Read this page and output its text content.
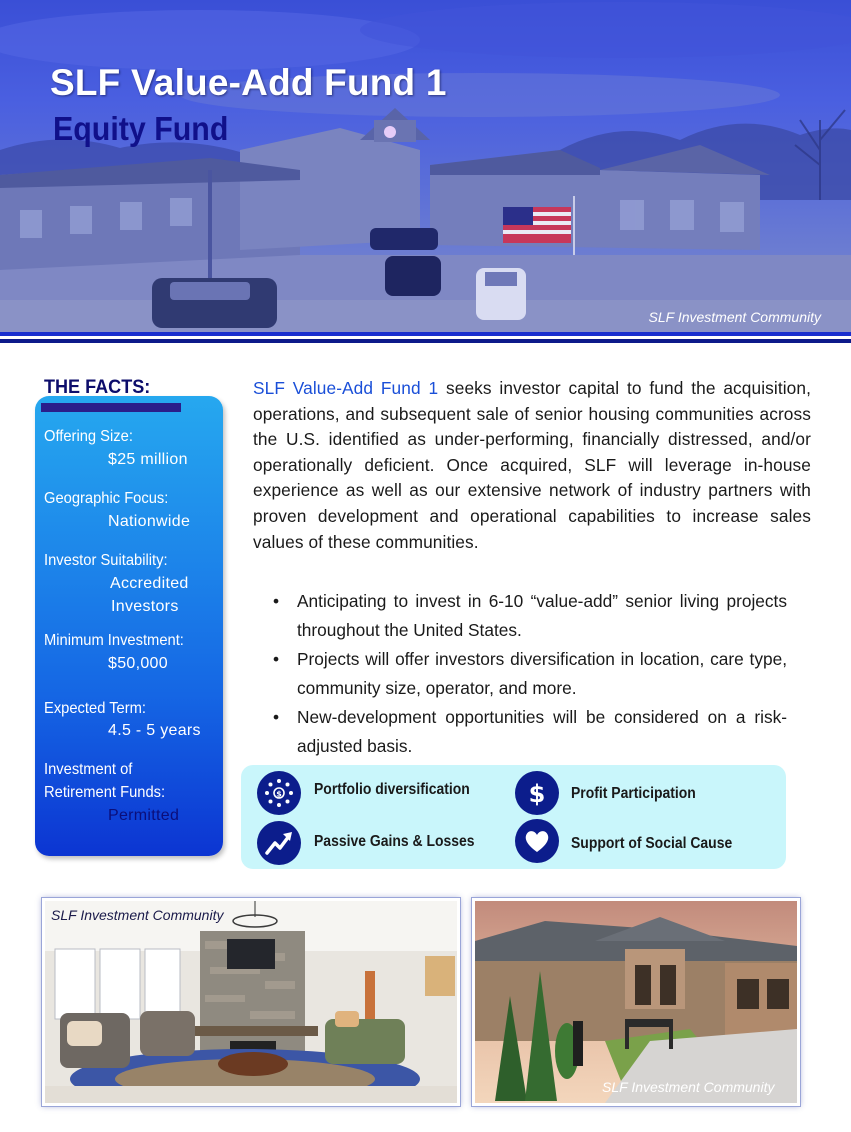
SLF Value-Add Fund 1
Equity Fund
SLF Investment Community
THE FACTS:
Offering Size:
$25 million
Geographic Focus:
Nationwide
Investor Suitability:
Accredited
Investors
Minimum Investment:
$50,000
Expected Term:
4.5 - 5 years
Investment of
Retirement Funds:
Permitted

SLF Value-Add Fund 1 seeks investor capital to fund the acquisition, operations, and subsequent sale of senior housing communities across the U.S. identified as under-performing, financially distressed, and/or operationally deficient. Once acquired, SLF will leverage in-house experience as well as our extensive network of industry partners with proven development and operational capabilities to increase sales values of these communities.

• Anticipating to invest in 6-10 “value-add” senior living projects throughout the United States.
• Projects will offer investors diversification in location, care type, community size, operator, and more.
• New-development opportunities will be considered on a risk-adjusted basis.
$ Portfolio diversification $ Profit Participation
Passive Gains & Losses	Support of Social Cause
SLF Investment Community
SLF Investment Community
